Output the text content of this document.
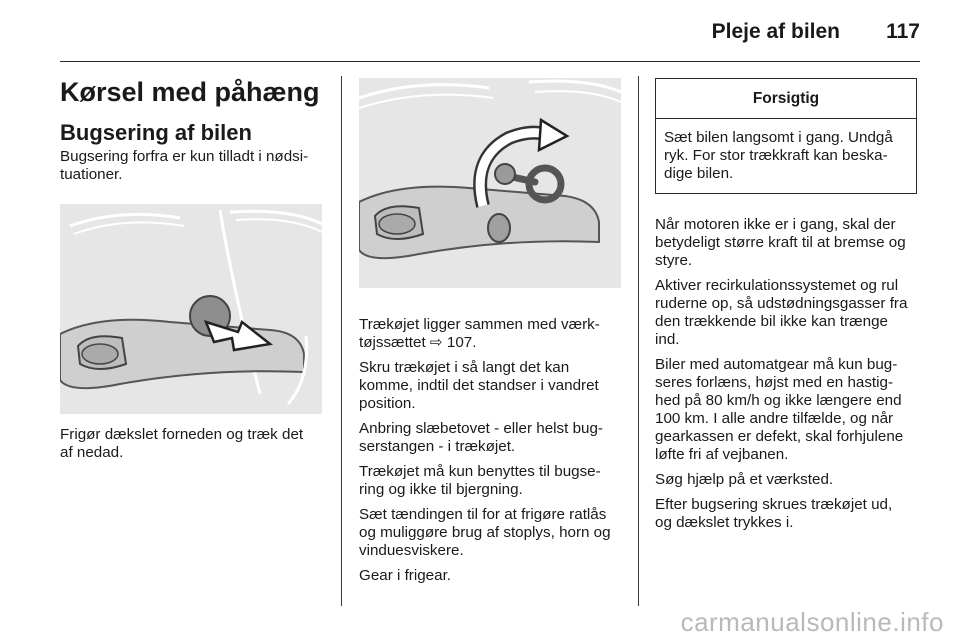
Pleje af bilen 117
Kørsel med påhæng
Bugsering af bilen

Bugsering forfra er kun tilladt i nødsi-
tuationer.

Frigør dækslet forneden og træk det
af nedad.

Trækøjet ligger sammen med værk-
tøjssættet ⇨ 107.

Skru trækøjet i så langt det kan
komme, indtil det standser i vandret
position.

Anbring slæbetovet - eller helst bug-
serstangen - i trækøjet.

Trækøjet må kun benyttes til bugse-
ring og ikke til bjergning.

Sæt tændingen til for at frigøre ratlås
og muliggøre brug af stoplys, horn og
vinduesviskere.

Gear i frigear.

Forsigtig
Sæt bilen langsomt i gang. Undgå
ryk. For stor trækkraft kan beska-
dige bilen.

Når motoren ikke er i gang, skal der
betydeligt større kraft til at bremse og
styre.

Aktiver recirkulationssystemet og rul
ruderne op, så udstødningsgasser fra
den trækkende bil ikke kan trænge
ind.

Biler med automatgear må kun bug-
seres forlæns, højst med en hastig-
hed på 80 km/h og ikke længere end
100 km. I alle andre tilfælde, og når
gearkassen er defekt, skal forhjulene
løfte fri af vejbanen.

Søg hjælp på et værksted.

Efter bugsering skrues trækøjet ud,
og dækslet trykkes i.

carmanualsonline.info
